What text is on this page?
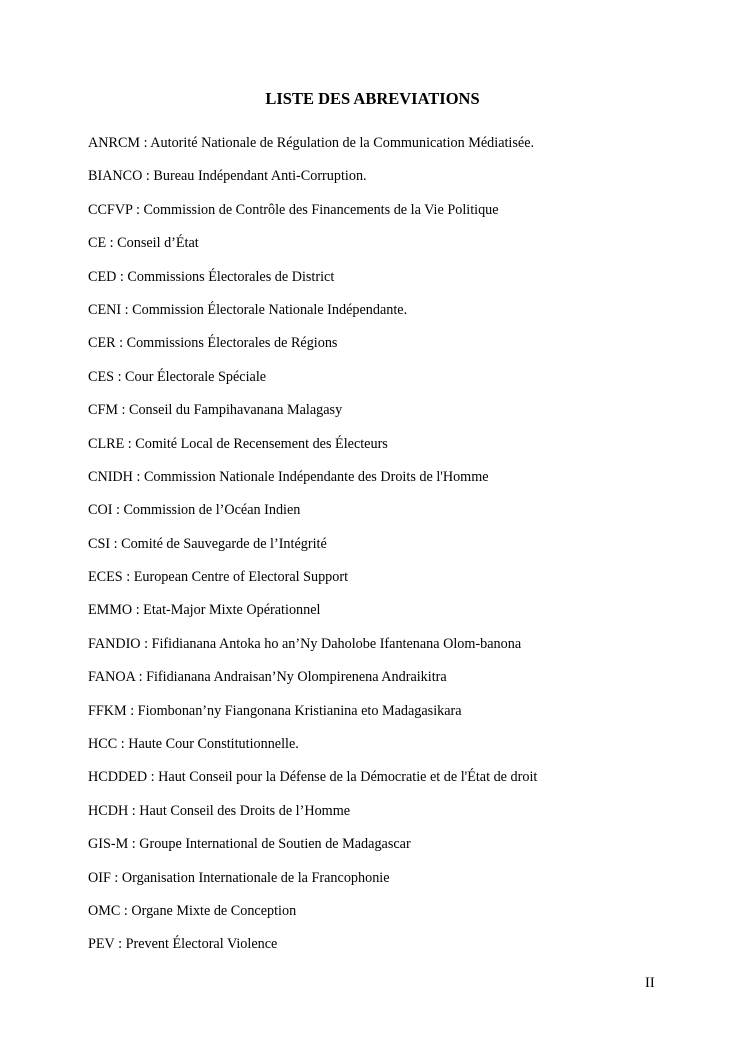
LISTE DES ABREVIATIONS
ANRCM : Autorité Nationale de Régulation de la Communication Médiatisée.
BIANCO : Bureau Indépendant Anti-Corruption.
CCFVP : Commission de Contrôle des Financements de la Vie Politique
CE : Conseil d’État
CED : Commissions Électorales de District
CENI : Commission Électorale Nationale Indépendante.
CER : Commissions Électorales de Régions
CES : Cour Électorale Spéciale
CFM : Conseil du Fampihavanana Malagasy
CLRE : Comité Local de Recensement des Électeurs
CNIDH : Commission Nationale Indépendante des Droits de l'Homme
COI : Commission de l’Océan Indien
CSI : Comité de Sauvegarde de l’Intégrité
ECES : European Centre of Electoral Support
EMMO : Etat-Major Mixte Opérationnel
FANDIO : Fifidianana Antoka ho an’Ny Daholobe Ifantenana Olom-banona
FANOA : Fifidianana Andraisan’Ny Olompirenena Andraikitra
FFKM : Fiombonan’ny Fiangonana Kristianina eto Madagasikara
HCC : Haute Cour Constitutionnelle.
HCDDED : Haut Conseil pour la Défense de la Démocratie et de l'État de droit
HCDH : Haut Conseil des Droits de l’Homme
GIS-M : Groupe International de Soutien de Madagascar
OIF : Organisation Internationale de la Francophonie
OMC : Organe Mixte de Conception
PEV : Prevent Électoral Violence
II
